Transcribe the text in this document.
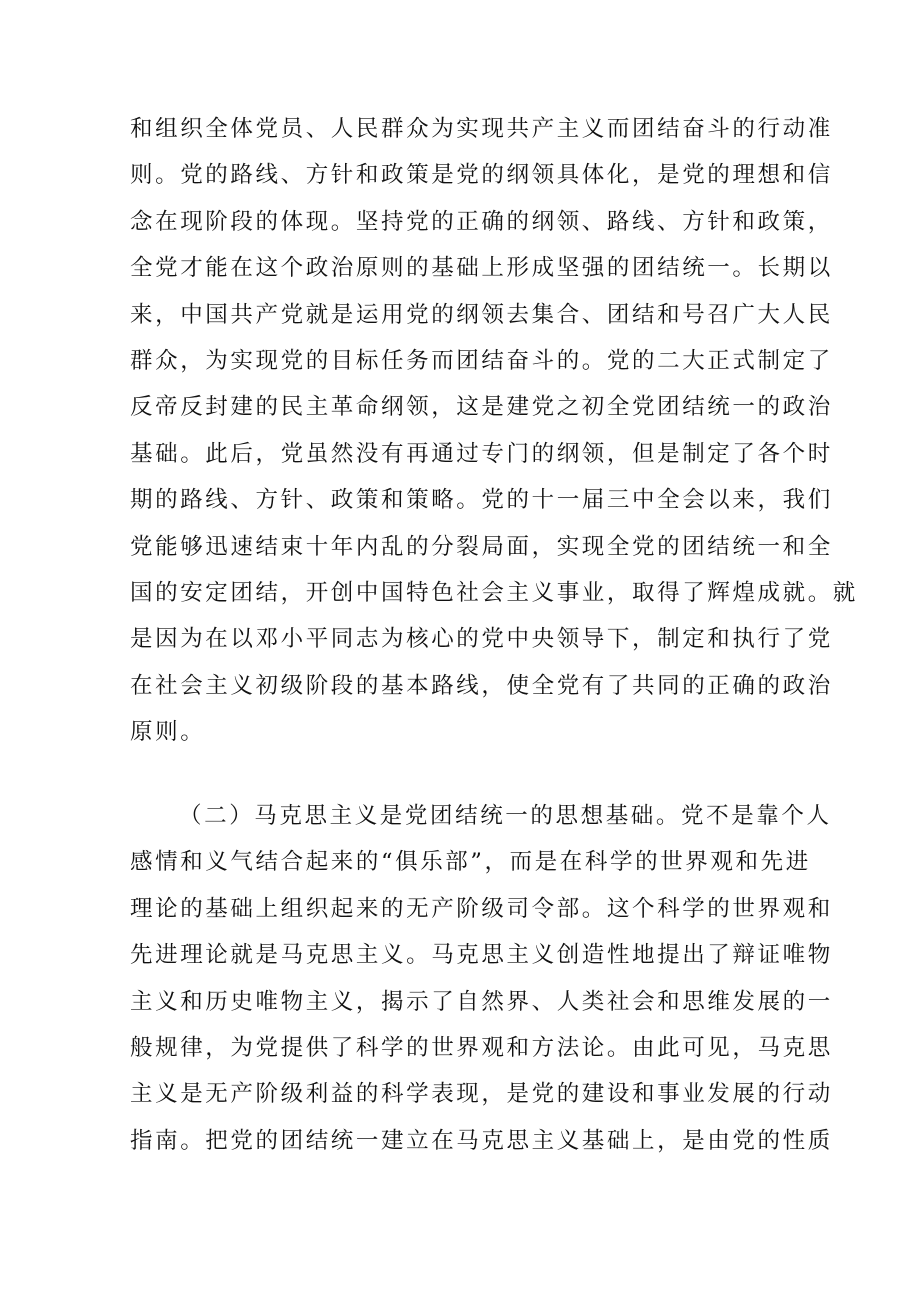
和组织全体党员、人民群众为实现共产主义而团结奋斗的行动准
则。党的路线、方针和政策是党的纲领具体化，是党的理想和信
念在现阶段的体现。坚持党的正确的纲领、路线、方针和政策，
全党才能在这个政治原则的基础上形成坚强的团结统一。长期以
来，中国共产党就是运用党的纲领去集合、团结和号召广大人民
群众，为实现党的目标任务而团结奋斗的。党的二大正式制定了
反帝反封建的民主革命纲领，这是建党之初全党团结统一的政治
基础。此后，党虽然没有再通过专门的纲领，但是制定了各个时
期的路线、方针、政策和策略。党的十一届三中全会以来，我们
党能够迅速结束十年内乱的分裂局面，实现全党的团结统一和全
国的安定团结，开创中国特色社会主义事业，取得了辉煌成就。就
是因为在以邓小平同志为核心的党中央领导下，制定和执行了党
在社会主义初级阶段的基本路线，使全党有了共同的正确的政治
原则。
（二）马克思主义是党团结统一的思想基础。党不是靠个人
感情和义气结合起来的“俱乐部”，而是在科学的世界观和先进
理论的基础上组织起来的无产阶级司令部。这个科学的世界观和
先进理论就是马克思主义。马克思主义创造性地提出了辩证唯物
主义和历史唯物主义，揭示了自然界、人类社会和思维发展的一
般规律，为党提供了科学的世界观和方法论。由此可见，马克思
主义是无产阶级利益的科学表现，是党的建设和事业发展的行动
指南。把党的团结统一建立在马克思主义基础上，是由党的性质
